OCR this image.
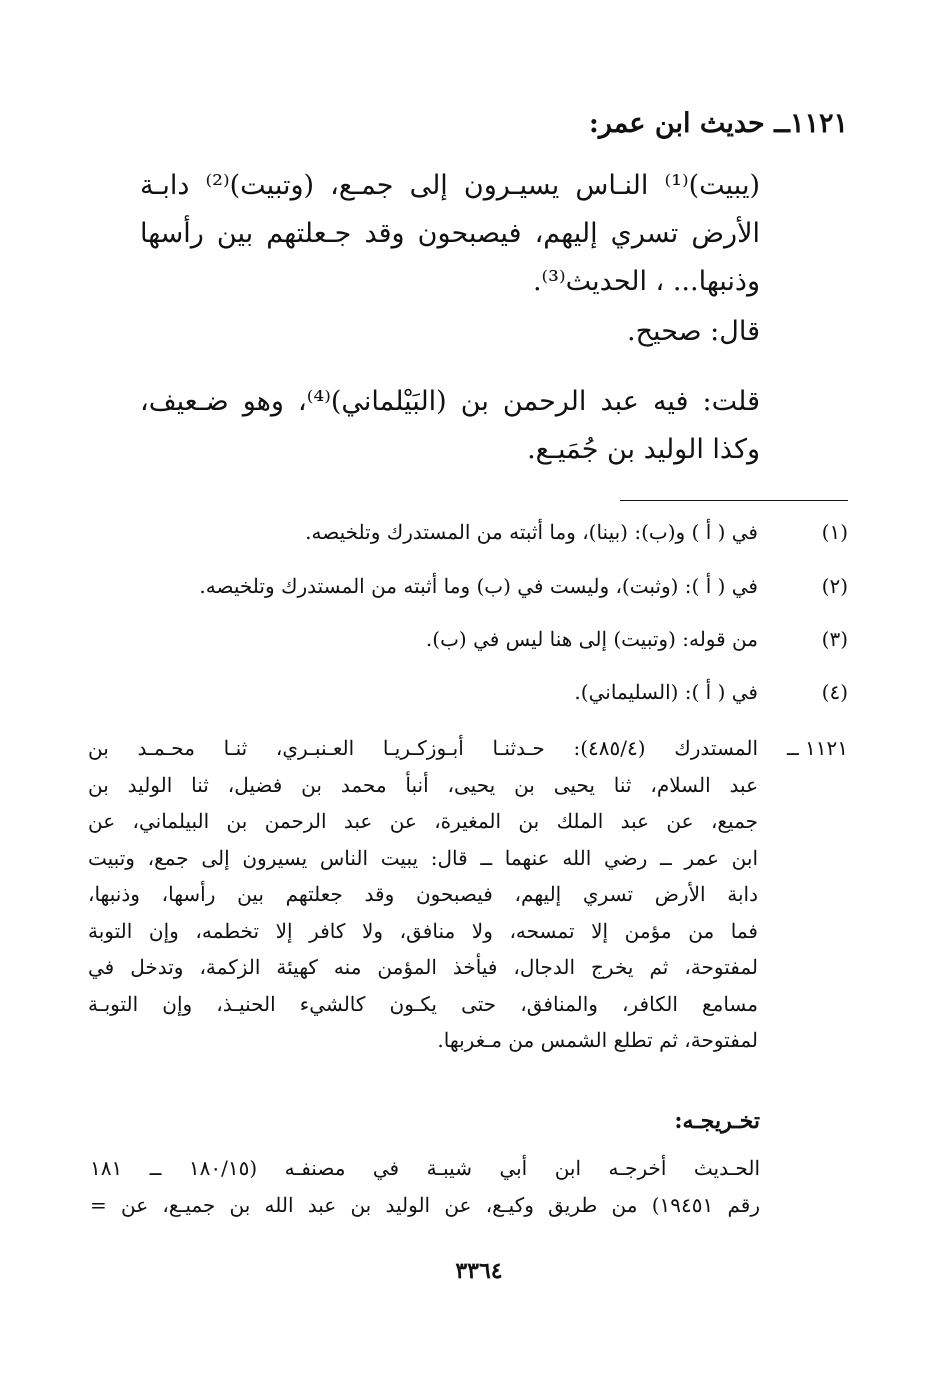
١١٢١ــ حديث ابن عمر:
(يبيت)⁽¹⁾ النـاس يسيـرون إلى جمـع، (وتبيت)⁽²⁾ دابـة
الأرض تسري إليهم، فيصبحون وقد جـعلتهم بين رأسها
وذنبها... ، الحديث⁽³⁾.
قال: صحيح.
قلت: فيه عبد الرحمن بن (البَيْلماني)⁽⁴⁾، وهو ضـعيف،
وكذا الوليد بن جُمَيـع.
(١)
في ( أ ) و(ب): (بينا)، وما أثبته من المستدرك وتلخيصه.
(٢)
في ( أ ): (وثبت)، وليست في (ب) وما أثبته من المستدرك وتلخيصه.
(٣)
من قوله: (وتبيت) إلى هنا ليس في (ب).
(٤)
في ( أ ): (السليماني).
١١٢١ ــ
المستدرك (٤٨٥/٤): حـدثنـا أبـوزكـريـا العـنبـري، ثنـا محـمـد بن
عبد السلام، ثنا يحيى بن يحيى، أنبأ محمد بن فضيل، ثنا الوليد بن
جميع، عن عبد الملك بن المغيرة، عن عبد الرحمن بن البيلماني، عن
ابن عمر ــ رضي الله عنهما ــ قال: يبيت الناس يسيرون إلى جمع، وتبيت
دابة الأرض تسري إليهم، فيصبحون وقد جعلتهم بين رأسها، وذنبها،
فما من مؤمن إلا تمسحه، ولا منافق، ولا كافر إلا تخطمه، وإن التوبة
لمفتوحة، ثم يخرج الدجال، فيأخذ المؤمن منه كهيئة الزكمة، وتدخل في
مسامع الكافر، والمنافق، حتى يكـون كالشيء الحنيـذ، وإن التوبـة
لمفتوحة، ثم تطلع الشمس من مـغربها.
تخـريجـه:
الحـديث أخرجـه ابن أبي شيبـة في مصنفـه (١٨٠/١٥ ــ ١٨١
رقم ١٩٤٥١) من طريق وكيـع، عن الوليد بن عبد الله بن جميـع، عن =
٣٣٦٤
